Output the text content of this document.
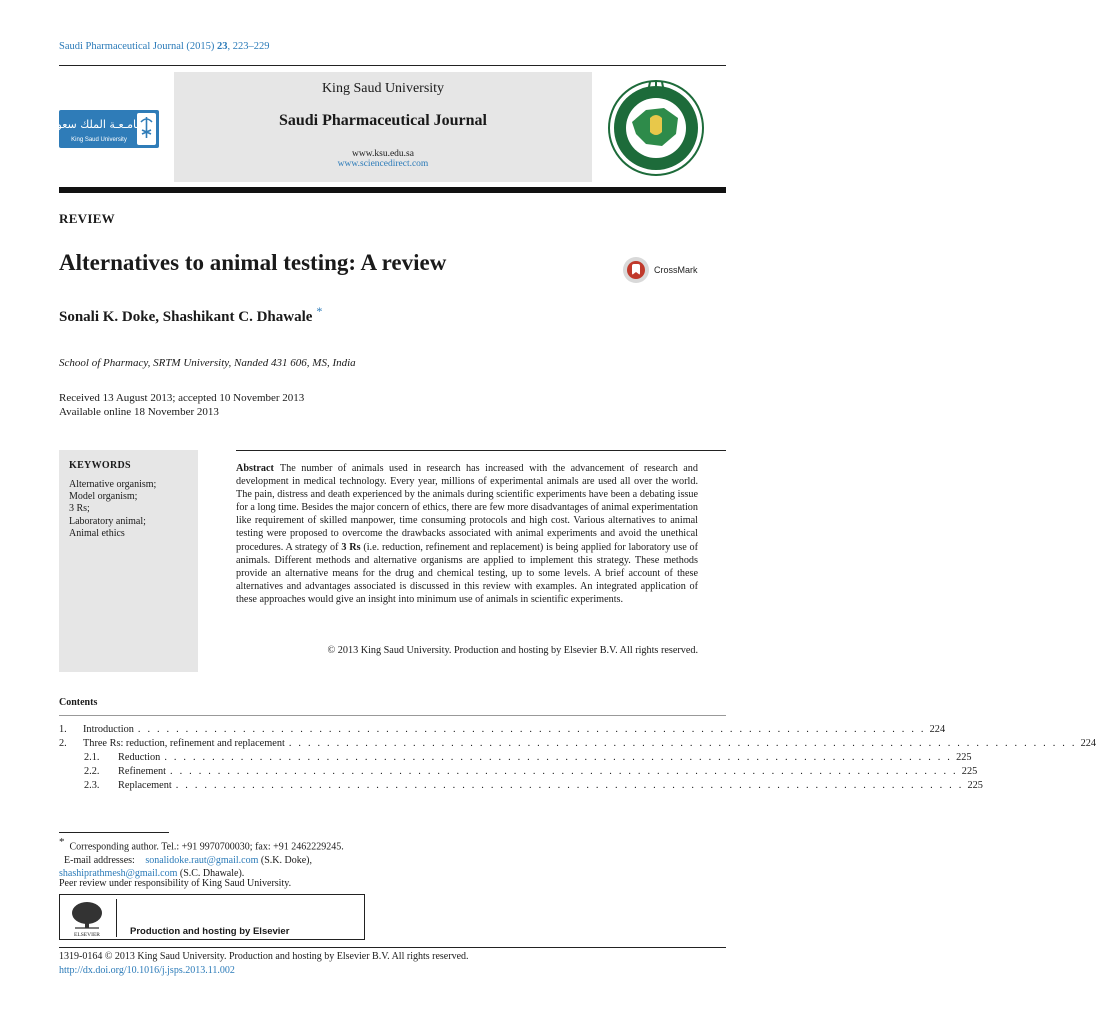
Saudi Pharmaceutical Journal (2015) 23, 223–229
جـامـعـة الملك سعود
King Saud University
King Saud University
Saudi Pharmaceutical Journal
www.ksu.edu.sa
www.sciencedirect.com
REVIEW
Alternatives to animal testing: A review	CrossMark
Sonali K. Doke, Shashikant C. Dhawale *
School of Pharmacy, SRTM University, Nanded 431 606, MS, India
Received 13 August 2013; accepted 10 November 2013
Available online 18 November 2013
KEYWORDS
Alternative organism;
Model organism;
3 Rs;
Laboratory animal;
Animal ethics
Abstract The number of animals used in research has increased with the advancement of research and development in medical technology. Every year, millions of experimental animals are used all over the world. The pain, distress and death experienced by the animals during scientific experiments have been a debating issue for a long time. Besides the major concern of ethics, there are few more disadvantages of animal experimentation like requirement of skilled manpower, time consuming protocols and high cost. Various alternatives to animal testing were proposed to overcome the drawbacks associated with animal experiments and avoid the unethical procedures. A strategy of 3 Rs (i.e. reduction, refinement and replacement) is being applied for laboratory use of animals. Different methods and alternative organisms are applied to implement this strategy. These methods provide an alternative means for the drug and chemical testing, up to some levels. A brief account of these alternatives and advantages associated is discussed in this review with examples. An integrated application of these approaches would give an insight into minimum use of animals in scientific experiments.
© 2013 King Saud University. Production and hosting by Elsevier B.V. All rights reserved.
Contents
1.	Introduction . . . . . . . . . . . . . . . . . . . . . . . . . . . . . . . . . . . . . . . . . . . . . . . . . . . . . . . . . . . . . . . . . . . . . . . . . . . . . . . . . . . 224
2.	Three Rs: reduction, refinement and replacement . . . . . . . . . . . . . . . . . . . . . . . . . . . . . . . . . . . . . . . . . . . . . . . . . . . . . . . . . . . . . . . . . . . . . . . . . . . . . . . . . . . 224
2.1.	Reduction . . . . . . . . . . . . . . . . . . . . . . . . . . . . . . . . . . . . . . . . . . . . . . . . . . . . . . . . . . . . . . . . . . . . . . . . . . . . . . . . . . . 225
2.2.	Refinement . . . . . . . . . . . . . . . . . . . . . . . . . . . . . . . . . . . . . . . . . . . . . . . . . . . . . . . . . . . . . . . . . . . . . . . . . . . . . . . . . . . 225
2.3.	Replacement . . . . . . . . . . . . . . . . . . . . . . . . . . . . . . . . . . . . . . . . . . . . . . . . . . . . . . . . . . . . . . . . . . . . . . . . . . . . . . . . . . . 225
* Corresponding author. Tel.: +91 9970700030; fax: +91 2462229245.
E-mail addresses: sonalidoke.raut@gmail.com (S.K. Doke),
shashiprathmesh@gmail.com (S.C. Dhawale).
Peer review under responsibility of King Saud University.
ELSEVIER	Production and hosting by Elsevier
1319-0164 © 2013 King Saud University. Production and hosting by Elsevier B.V. All rights reserved.
http://dx.doi.org/10.1016/j.jsps.2013.11.002
